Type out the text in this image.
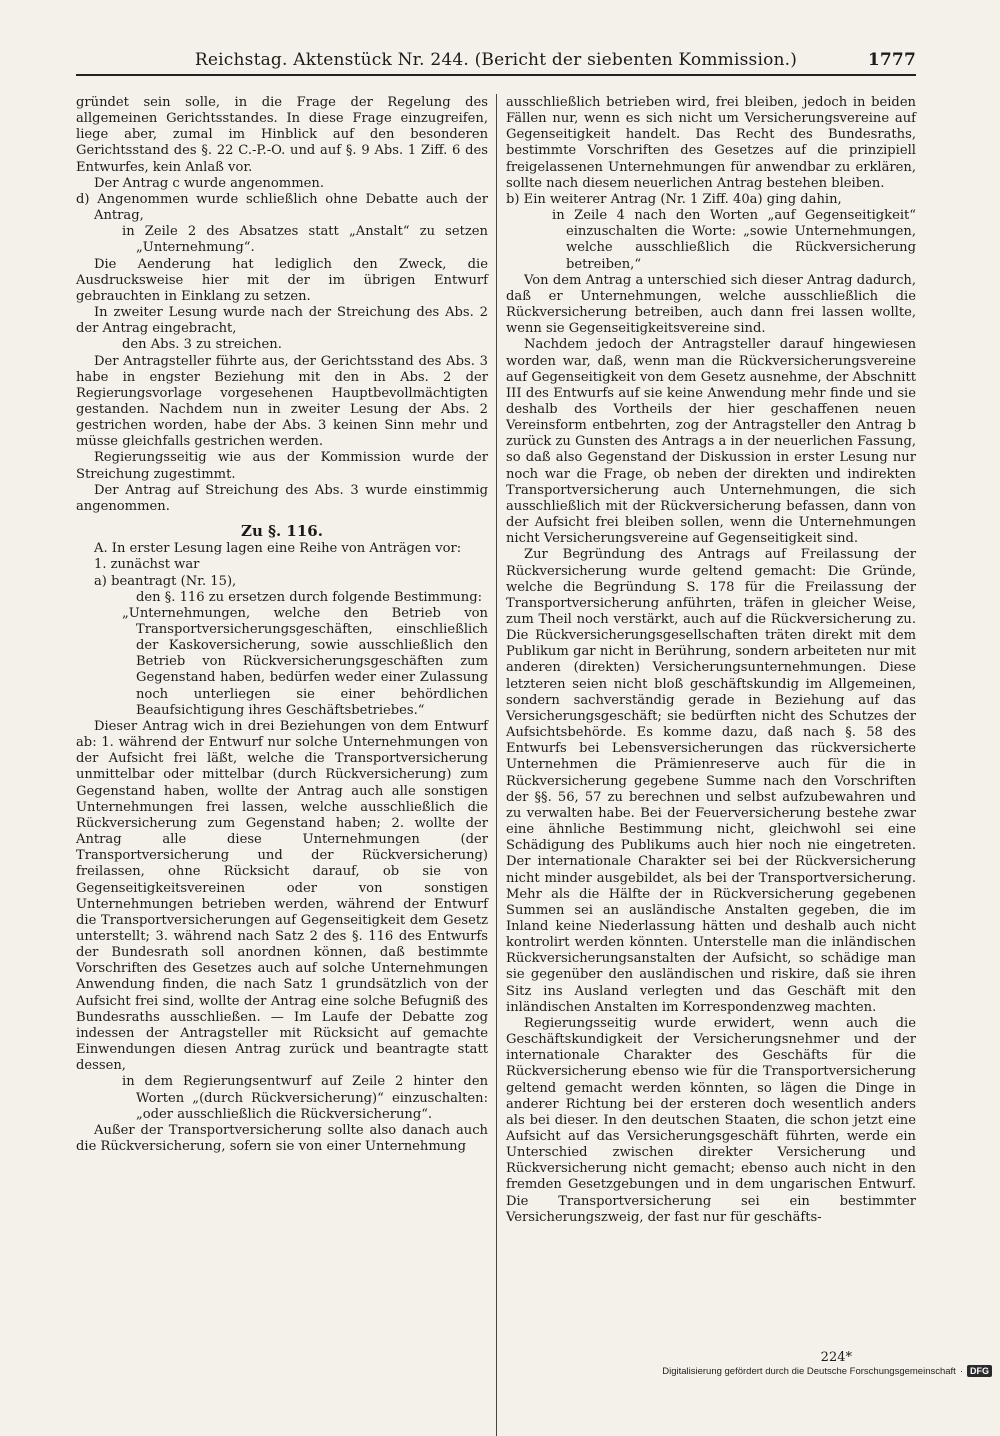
Reichstag. Aktenstück Nr. 244. (Bericht der siebenten Kommission.)	1777

gründet sein solle, in die Frage der Regelung des allgemeinen Gerichtsstandes. In diese Frage einzugreifen, liege aber, zumal im Hinblick auf den besonderen Gerichtsstand des §. 22 C.-P.-O. und auf §. 9 Abs. 1 Ziff. 6 des Entwurfes, kein Anlaß vor.

Der Antrag c wurde angenommen.

d) Angenommen wurde schließlich ohne Debatte auch der Antrag,

in Zeile 2 des Absatzes statt „Anstalt“ zu setzen „Unternehmung“.

Die Aenderung hat lediglich den Zweck, die Ausdrucksweise hier mit der im übrigen Entwurf gebrauchten in Einklang zu setzen.

In zweiter Lesung wurde nach der Streichung des Abs. 2 der Antrag eingebracht,

den Abs. 3 zu streichen.

Der Antragsteller führte aus, der Gerichtsstand des Abs. 3 habe in engster Beziehung mit den in Abs. 2 der Regierungsvorlage vorgesehenen Hauptbevollmächtigten gestanden. Nachdem nun in zweiter Lesung der Abs. 2 gestrichen worden, habe der Abs. 3 keinen Sinn mehr und müsse gleichfalls gestrichen werden.

Regierungsseitig wie aus der Kommission wurde der Streichung zugestimmt.

Der Antrag auf Streichung des Abs. 3 wurde einstimmig angenommen.

Zu §. 116.

A. In erster Lesung lagen eine Reihe von Anträgen vor:

1. zunächst war

a) beantragt (Nr. 15),

den §. 116 zu ersetzen durch folgende Bestimmung:

„Unternehmungen, welche den Betrieb von Transportversicherungsgeschäften, einschließlich der Kaskoversicherung, sowie ausschließlich den Betrieb von Rückversicherungsgeschäften zum Gegenstand haben, bedürfen weder einer Zulassung noch unterliegen sie einer behördlichen Beaufsichtigung ihres Geschäftsbetriebes.“

Dieser Antrag wich in drei Beziehungen von dem Entwurf ab: 1. während der Entwurf nur solche Unternehmungen von der Aufsicht frei läßt, welche die Transportversicherung unmittelbar oder mittelbar (durch Rückversicherung) zum Gegenstand haben, wollte der Antrag auch alle sonstigen Unternehmungen frei lassen, welche ausschließlich die Rückversicherung zum Gegenstand haben; 2. wollte der Antrag alle diese Unternehmungen (der Transportversicherung und der Rückversicherung) freilassen, ohne Rücksicht darauf, ob sie von Gegenseitigkeitsvereinen oder von sonstigen Unternehmungen betrieben werden, während der Entwurf die Transportversicherungen auf Gegenseitigkeit dem Gesetz unterstellt; 3. während nach Satz 2 des §. 116 des Entwurfs der Bundesrath soll anordnen können, daß bestimmte Vorschriften des Gesetzes auch auf solche Unternehmungen Anwendung finden, die nach Satz 1 grundsätzlich von der Aufsicht frei sind, wollte der Antrag eine solche Befugniß des Bundesraths ausschließen. — Im Laufe der Debatte zog indessen der Antragsteller mit Rücksicht auf gemachte Einwendungen diesen Antrag zurück und beantragte statt dessen,

in dem Regierungsentwurf auf Zeile 2 hinter den Worten „(durch Rückversicherung)“ einzuschalten: „oder ausschließlich die Rückversicherung“.

Außer der Transportversicherung sollte also danach auch die Rückversicherung, sofern sie von einer Unternehmung

ausschließlich betrieben wird, frei bleiben, jedoch in beiden Fällen nur, wenn es sich nicht um Versicherungsvereine auf Gegenseitigkeit handelt. Das Recht des Bundesraths, bestimmte Vorschriften des Gesetzes auf die prinzipiell freigelassenen Unternehmungen für anwendbar zu erklären, sollte nach diesem neuerlichen Antrag bestehen bleiben.

b) Ein weiterer Antrag (Nr. 1 Ziff. 40a) ging dahin,

in Zeile 4 nach den Worten „auf Gegenseitigkeit“ einzuschalten die Worte: „sowie Unternehmungen, welche ausschließlich die Rückversicherung betreiben,“

Von dem Antrag a unterschied sich dieser Antrag dadurch, daß er Unternehmungen, welche ausschließlich die Rückversicherung betreiben, auch dann frei lassen wollte, wenn sie Gegenseitigkeitsvereine sind.

Nachdem jedoch der Antragsteller darauf hingewiesen worden war, daß, wenn man die Rückversicherungsvereine auf Gegenseitigkeit von dem Gesetz ausnehme, der Abschnitt III des Entwurfs auf sie keine Anwendung mehr finde und sie deshalb des Vortheils der hier geschaffenen neuen Vereinsform entbehrten, zog der Antragsteller den Antrag b zurück zu Gunsten des Antrags a in der neuerlichen Fassung, so daß also Gegenstand der Diskussion in erster Lesung nur noch war die Frage, ob neben der direkten und indirekten Transportversicherung auch Unternehmungen, die sich ausschließlich mit der Rückversicherung befassen, dann von der Aufsicht frei bleiben sollen, wenn die Unternehmungen nicht Versicherungsvereine auf Gegenseitigkeit sind.

Zur Begründung des Antrags auf Freilassung der Rückversicherung wurde geltend gemacht: Die Gründe, welche die Begründung S. 178 für die Freilassung der Transportversicherung anführten, träfen in gleicher Weise, zum Theil noch verstärkt, auch auf die Rückversicherung zu. Die Rückversicherungsgesellschaften träten direkt mit dem Publikum gar nicht in Berührung, sondern arbeiteten nur mit anderen (direkten) Versicherungsunternehmungen. Diese letzteren seien nicht bloß geschäftskundig im Allgemeinen, sondern sachverständig gerade in Beziehung auf das Versicherungsgeschäft; sie bedürften nicht des Schutzes der Aufsichtsbehörde. Es komme dazu, daß nach §. 58 des Entwurfs bei Lebensversicherungen das rückversicherte Unternehmen die Prämienreserve auch für die in Rückversicherung gegebene Summe nach den Vorschriften der §§. 56, 57 zu berechnen und selbst aufzubewahren und zu verwalten habe. Bei der Feuerversicherung bestehe zwar eine ähnliche Bestimmung nicht, gleichwohl sei eine Schädigung des Publikums auch hier noch nie eingetreten. Der internationale Charakter sei bei der Rückversicherung nicht minder ausgebildet, als bei der Transportversicherung. Mehr als die Hälfte der in Rückversicherung gegebenen Summen sei an ausländische Anstalten gegeben, die im Inland keine Niederlassung hätten und deshalb auch nicht kontrolirt werden könnten. Unterstelle man die inländischen Rückversicherungsanstalten der Aufsicht, so schädige man sie gegenüber den ausländischen und riskire, daß sie ihren Sitz ins Ausland verlegten und das Geschäft mit den inländischen Anstalten im Korrespondenzweg machten.

Regierungsseitig wurde erwidert, wenn auch die Geschäftskundigkeit der Versicherungsnehmer und der internationale Charakter des Geschäfts für die Rückversicherung ebenso wie für die Transportversicherung geltend gemacht werden könnten, so lägen die Dinge in anderer Richtung bei der ersteren doch wesentlich anders als bei dieser. In den deutschen Staaten, die schon jetzt eine Aufsicht auf das Versicherungsgeschäft führten, werde ein Unterschied zwischen direkter Versicherung und Rückversicherung nicht gemacht; ebenso auch nicht in den fremden Gesetzgebungen und in dem ungarischen Entwurf. Die Transportversicherung sei ein bestimmter Versicherungszweig, der fast nur für geschäfts-

224*
Digitalisierung gefördert durch die Deutsche Forschungsgemeinschaft · DFG
